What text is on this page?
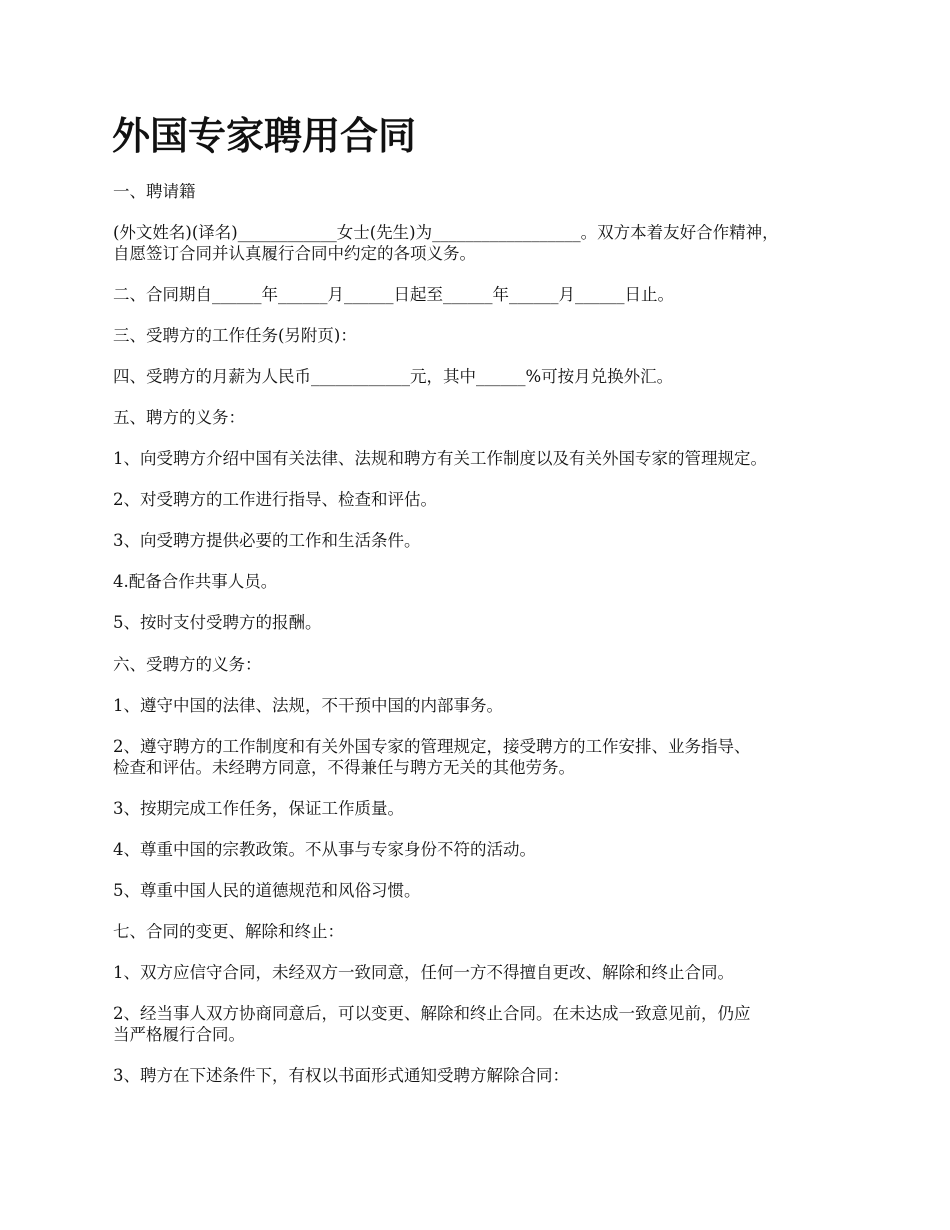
外国专家聘用合同

一、聘请籍

(外文姓名)(译名)____________女士(先生)为__________________。双方本着友好合作精神，
自愿签订合同并认真履行合同中约定的各项义务。

二、合同期自______年______月______日起至______年______月______日止。

三、受聘方的工作任务(另附页)：

四、受聘方的月薪为人民币____________元，其中______%可按月兑换外汇。

五、聘方的义务：

1、向受聘方介绍中国有关法律、法规和聘方有关工作制度以及有关外国专家的管理规定。

2、对受聘方的工作进行指导、检查和评估。

3、向受聘方提供必要的工作和生活条件。

4.配备合作共事人员。

5、按时支付受聘方的报酬。

六、受聘方的义务：

1、遵守中国的法律、法规，不干预中国的内部事务。

2、遵守聘方的工作制度和有关外国专家的管理规定，接受聘方的工作安排、业务指导、
检查和评估。未经聘方同意，不得兼任与聘方无关的其他劳务。

3、按期完成工作任务，保证工作质量。

4、尊重中国的宗教政策。不从事与专家身份不符的活动。

5、尊重中国人民的道德规范和风俗习惯。

七、合同的变更、解除和终止：

1、双方应信守合同，未经双方一致同意，任何一方不得擅自更改、解除和终止合同。

2、经当事人双方协商同意后，可以变更、解除和终止合同。在未达成一致意见前，仍应
当严格履行合同。

3、聘方在下述条件下，有权以书面形式通知受聘方解除合同：
